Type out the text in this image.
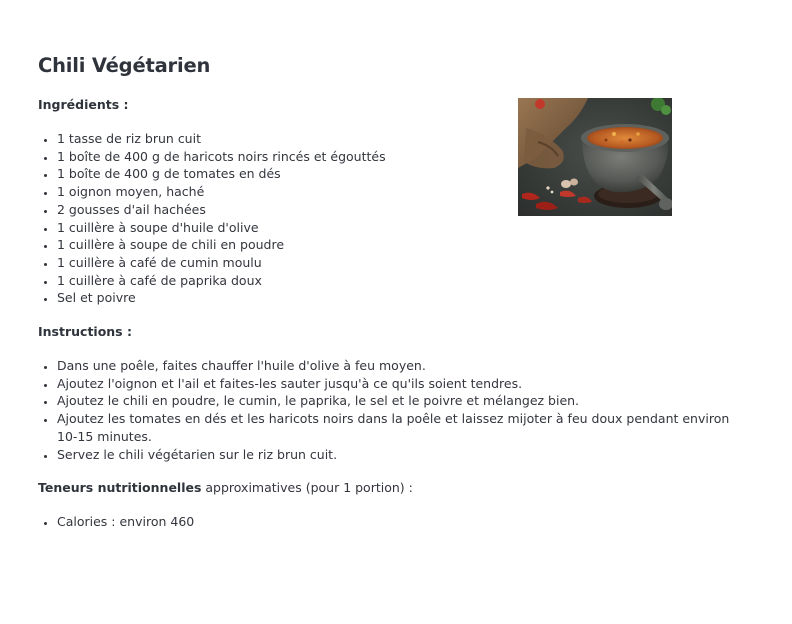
Chili Végétarien
Ingrédients :
• 1 tasse de riz brun cuit
• 1 boîte de 400 g de haricots noirs rincés et égouttés
• 1 boîte de 400 g de tomates en dés
• 1 oignon moyen, haché
• 2 gousses d'ail hachées
• 1 cuillère à soupe d'huile d'olive
• 1 cuillère à soupe de chili en poudre
• 1 cuillère à café de cumin moulu
• 1 cuillère à café de paprika doux
• Sel et poivre
Instructions :
• Dans une poêle, faites chauffer l'huile d'olive à feu moyen.
• Ajoutez l'oignon et l'ail et faites-les sauter jusqu'à ce qu'ils soient tendres.
• Ajoutez le chili en poudre, le cumin, le paprika, le sel et le poivre et mélangez bien.
• Ajoutez les tomates en dés et les haricots noirs dans la poêle et laissez mijoter à feu doux pendant environ 10-15 minutes.
• Servez le chili végétarien sur le riz brun cuit.
Teneurs nutritionnelles approximatives (pour 1 portion) :
• Calories : environ 460
